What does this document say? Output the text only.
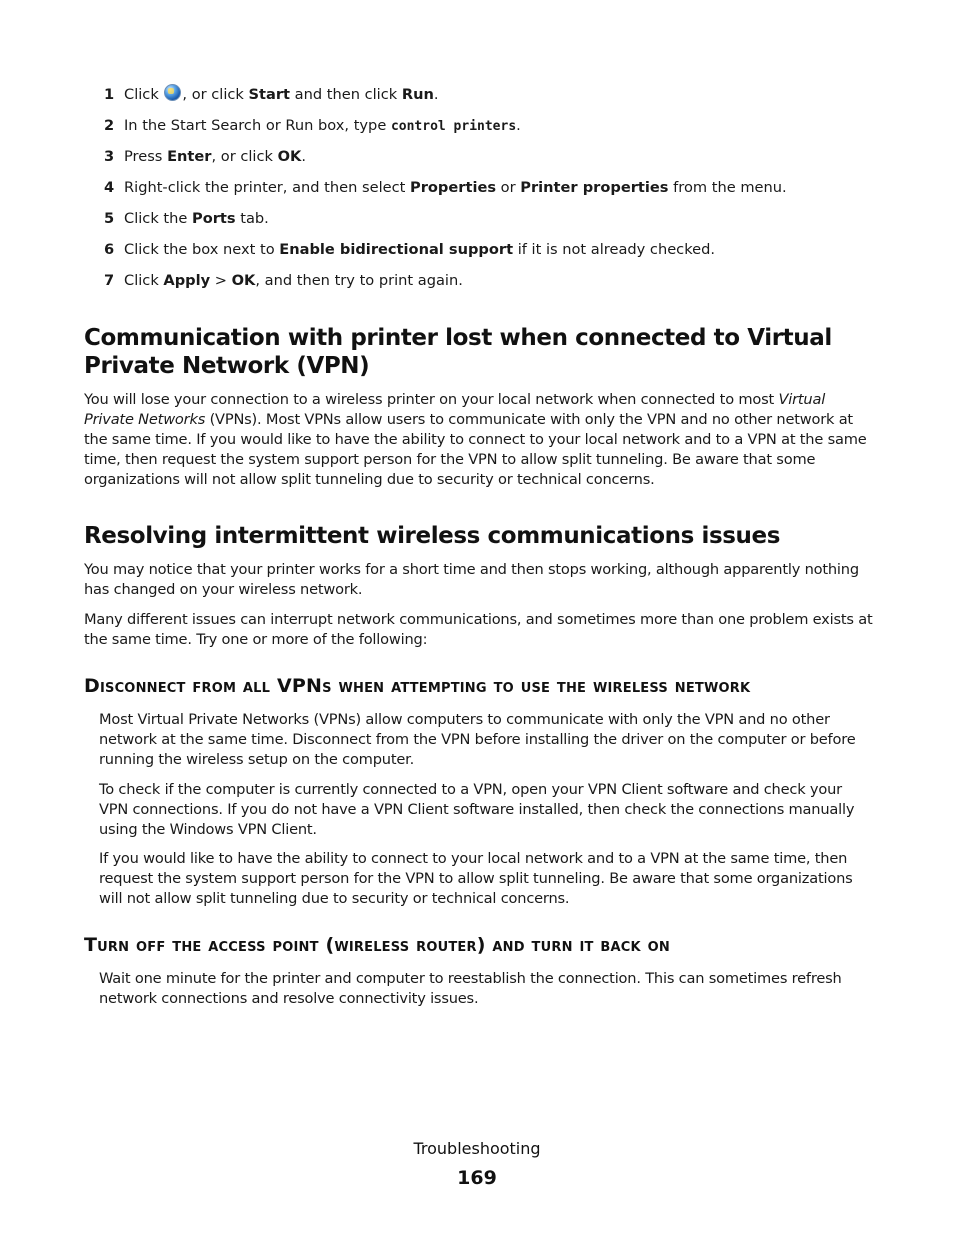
1 Click , or click Start and then click Run.
2 In the Start Search or Run box, type control printers.
3 Press Enter, or click OK.
4 Right-click the printer, and then select Properties or Printer properties from the menu.
5 Click the Ports tab.
6 Click the box next to Enable bidirectional support if it is not already checked.
7 Click Apply > OK, and then try to print again.
Communication with printer lost when connected to Virtual Private Network (VPN)

You will lose your connection to a wireless printer on your local network when connected to most Virtual Private Networks (VPNs). Most VPNs allow users to communicate with only the VPN and no other network at the same time. If you would like to have the ability to connect to your local network and to a VPN at the same time, then request the system support person for the VPN to allow split tunneling. Be aware that some organizations will not allow split tunneling due to security or technical concerns.

Resolving intermittent wireless communications issues

You may notice that your printer works for a short time and then stops working, although apparently nothing has changed on your wireless network.

Many different issues can interrupt network communications, and sometimes more than one problem exists at the same time. Try one or more of the following:

Disconnect from all VPNs when attempting to use the wireless network

Most Virtual Private Networks (VPNs) allow computers to communicate with only the VPN and no other network at the same time. Disconnect from the VPN before installing the driver on the computer or before running the wireless setup on the computer.

To check if the computer is currently connected to a VPN, open your VPN Client software and check your VPN connections. If you do not have a VPN Client software installed, then check the connections manually using the Windows VPN Client.

If you would like to have the ability to connect to your local network and to a VPN at the same time, then request the system support person for the VPN to allow split tunneling. Be aware that some organizations will not allow split tunneling due to security or technical concerns.

Turn off the access point (wireless router) and turn it back on

Wait one minute for the printer and computer to reestablish the connection. This can sometimes refresh network connections and resolve connectivity issues.

Troubleshooting
169
